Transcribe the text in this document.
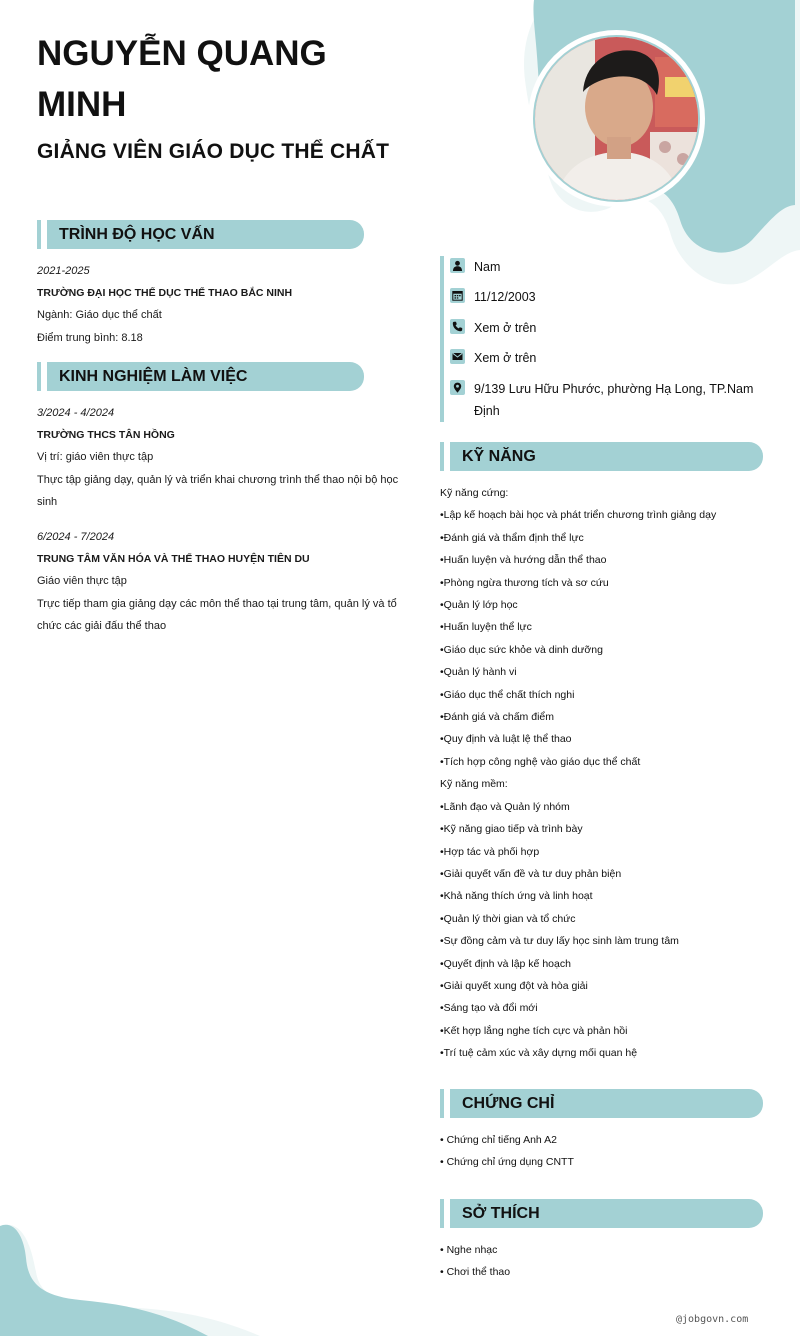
NGUYỄN QUANG MINH
GIẢNG VIÊN GIÁO DỤC THỂ CHẤT
TRÌNH ĐỘ HỌC VẤN
2021-2025
TRƯỜNG ĐẠI HỌC THỂ DỤC THỂ THAO BẮC NINH
Ngành: Giáo dục thể chất
Điểm trung bình: 8.18
KINH NGHIỆM LÀM VIỆC
3/2024 - 4/2024
TRƯỜNG THCS TÂN HỒNG
Vị trí: giáo viên thực tập
Thực tập giảng dạy, quản lý và triển khai chương trình thể thao nội bộ học sinh
6/2024 - 7/2024
TRUNG TÂM VĂN HÓA VÀ THỂ THAO HUYỆN TIÊN DU
Giáo viên thực tập
Trực tiếp tham gia giảng dạy các môn thể thao tại trung tâm, quản lý và tổ chức các giải đấu thể thao
Nam
11/12/2003
Xem ở trên
Xem ở trên
9/139 Lưu Hữu Phước, phường Hạ Long, TP.Nam Định
KỸ NĂNG
Kỹ năng cứng:
•Lập kế hoạch bài học và phát triển chương trình giảng dạy
•Đánh giá và thẩm định thể lực
•Huấn luyện và hướng dẫn thể thao
•Phòng ngừa thương tích và sơ cứu
•Quản lý lớp học
•Huấn luyện thể lực
•Giáo dục sức khỏe và dinh dưỡng
•Quản lý hành vi
•Giáo dục thể chất thích nghi
•Đánh giá và chấm điểm
•Quy định và luật lệ thể thao
•Tích hợp công nghệ vào giáo dục thể chất
Kỹ năng mềm:
•Lãnh đạo và Quản lý nhóm
•Kỹ năng giao tiếp và trình bày
•Hợp tác và phối hợp
•Giải quyết vấn đề và tư duy phản biện
•Khả năng thích ứng và linh hoạt
•Quản lý thời gian và tổ chức
•Sự đồng cảm và tư duy lấy học sinh làm trung tâm
•Quyết định và lập kế hoạch
•Giải quyết xung đột và hòa giải
•Sáng tạo và đổi mới
•Kết hợp lắng nghe tích cực và phản hồi
•Trí tuệ cảm xúc và xây dựng mối quan hệ
CHỨNG CHỈ
• Chứng chỉ tiếng Anh A2
• Chứng chỉ ứng dụng CNTT
SỞ THÍCH
• Nghe nhạc
• Chơi thể thao
@jobgovn.com
